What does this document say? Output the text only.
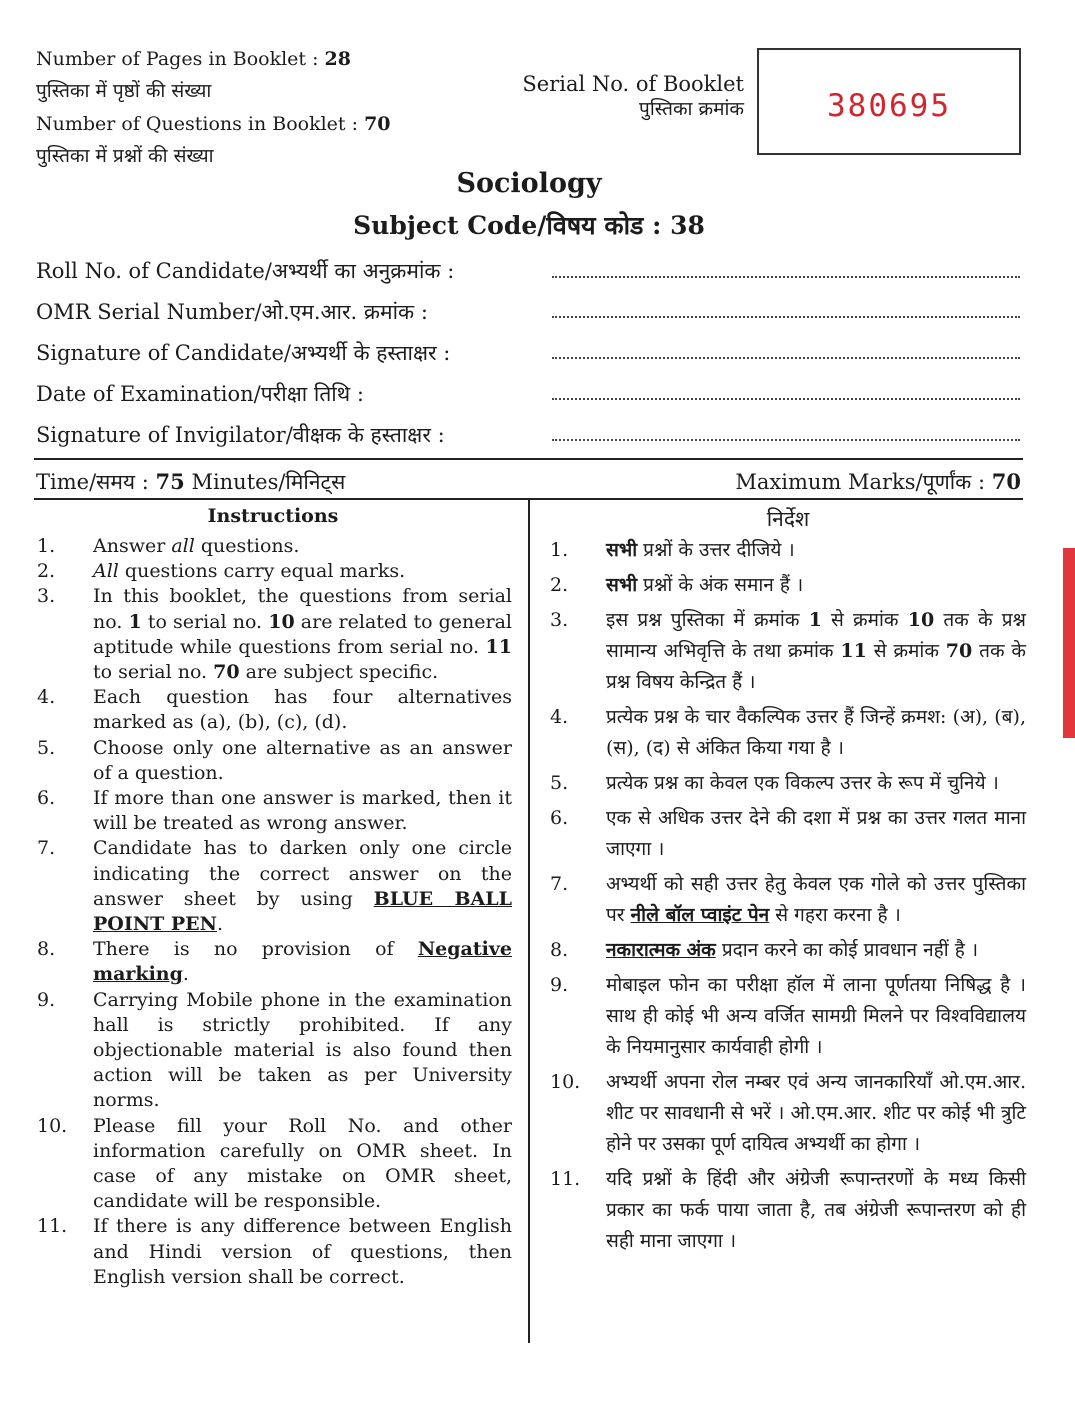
Number of Pages in Booklet : 28
पुस्तिका में पृष्ठों की संख्या
Number of Questions in Booklet : 70
पुस्तिका में प्रश्नों की संख्या
Serial No. of Booklet
पुस्तिका क्रमांक	380695
Sociology
Subject Code/विषय कोड : 38
Roll No. of Candidate/अभ्यर्थी का अनुक्रमांक :
OMR Serial Number/ओ.एम.आर. क्रमांक :
Signature of Candidate/अभ्यर्थी के हस्ताक्षर :
Date of Examination/परीक्षा तिथि :
Signature of Invigilator/वीक्षक के हस्ताक्षर :
Time/समय : 75 Minutes/मिनिट्स	Maximum Marks/पूर्णांक : 70
Instructions	निर्देश
1. Answer all questions.
2. All questions carry equal marks.
3. In this booklet, the questions from serial no. 1 to serial no. 10 are related to general aptitude while questions from serial no. 11 to serial no. 70 are subject specific.
4. Each question has four alternatives marked as (a), (b), (c), (d).
5. Choose only one alternative as an answer of a question.
6. If more than one answer is marked, then it will be treated as wrong answer.
7. Candidate has to darken only one circle indicating the correct answer on the answer sheet by using BLUE BALL POINT PEN.
8. There is no provision of Negative marking.
9. Carrying Mobile phone in the examination hall is strictly prohibited. If any objectionable material is also found then action will be taken as per University norms.
10. Please fill your Roll No. and other information carefully on OMR sheet. In case of any mistake on OMR sheet, candidate will be responsible.
11. If there is any difference between English and Hindi version of questions, then English version shall be correct.
1. सभी प्रश्नों के उत्तर दीजिये ।
2. सभी प्रश्नों के अंक समान हैं ।
3. इस प्रश्न पुस्तिका में क्रमांक 1 से क्रमांक 10 तक के प्रश्न सामान्य अभिवृत्ति के तथा क्रमांक 11 से क्रमांक 70 तक के प्रश्न विषय केन्द्रित हैं ।
4. प्रत्येक प्रश्न के चार वैकल्पिक उत्तर हैं जिन्हें क्रमश: (अ), (ब), (स), (द) से अंकित किया गया है ।
5. प्रत्येक प्रश्न का केवल एक विकल्प उत्तर के रूप में चुनिये ।
6. एक से अधिक उत्तर देने की दशा में प्रश्न का उत्तर गलत माना जाएगा ।
7. अभ्यर्थी को सही उत्तर हेतु केवल एक गोले को उत्तर पुस्तिका पर नीले बॉल प्वाइंट पेन से गहरा करना है ।
8. नकारात्मक अंक प्रदान करने का कोई प्रावधान नहीं है ।
9. मोबाइल फोन का परीक्षा हॉल में लाना पूर्णतया निषिद्ध है । साथ ही कोई भी अन्य वर्जित सामग्री मिलने पर विश्वविद्यालय के नियमानुसार कार्यवाही होगी ।
10. अभ्यर्थी अपना रोल नम्बर एवं अन्य जानकारियाँ ओ.एम.आर. शीट पर सावधानी से भरें । ओ.एम.आर. शीट पर कोई भी त्रुटि होने पर उसका पूर्ण दायित्व अभ्यर्थी का होगा ।
11. यदि प्रश्नों के हिंदी और अंग्रेजी रूपान्तरणों के मध्य किसी प्रकार का फर्क पाया जाता है, तब अंग्रेजी रूपान्तरण को ही सही माना जाएगा ।
